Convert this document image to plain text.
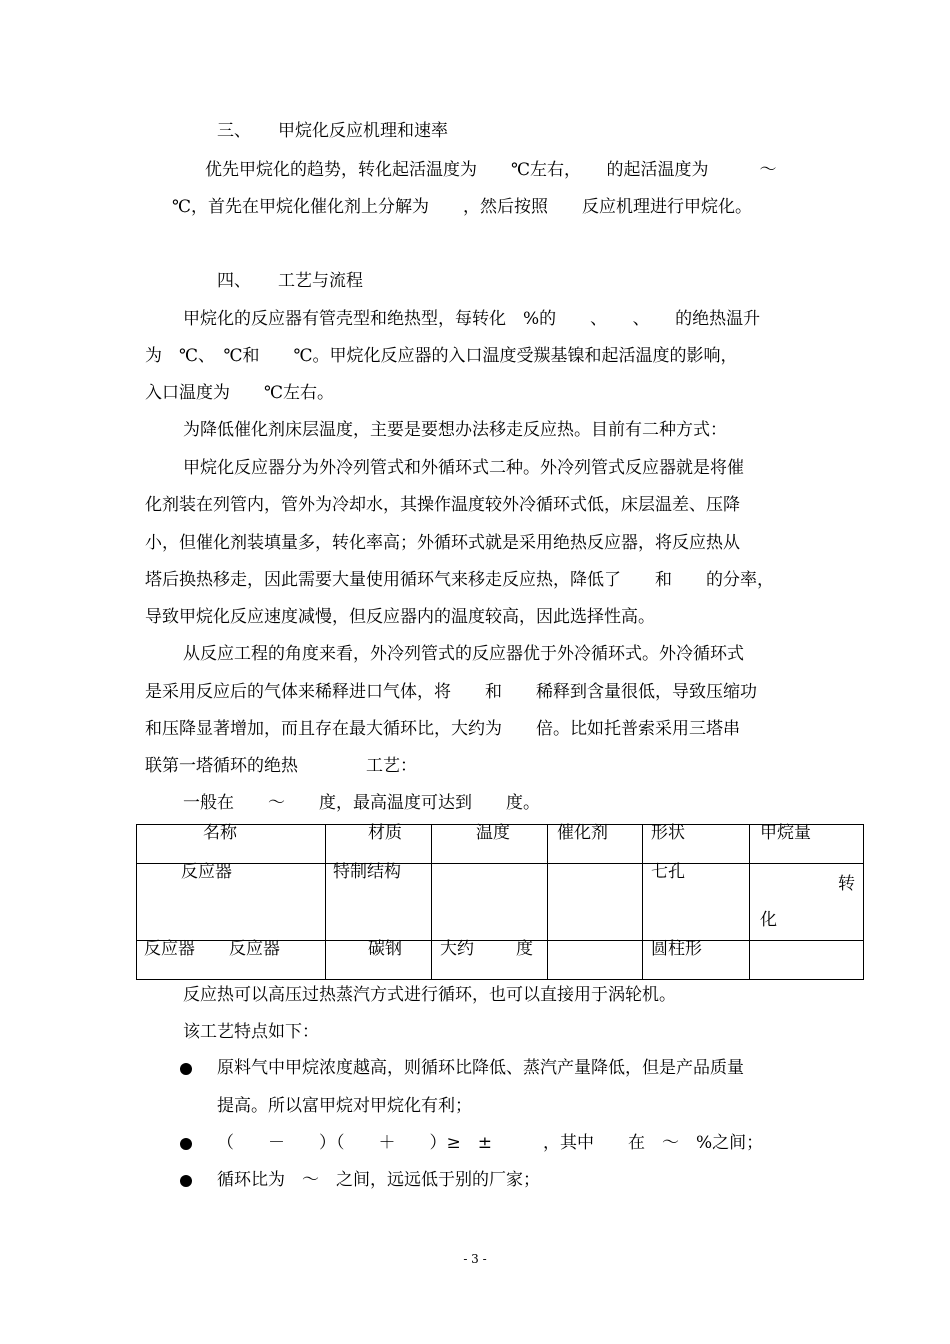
三、 甲烷化反应机理和速率
优先甲烷化的趋势，转化起活温度为　　℃左右，　　的起活温度为　　　～
℃，首先在甲烷化催化剂上分解为　　，然后按照　　反应机理进行甲烷化。
四、 工艺与流程
甲烷化的反应器有管壳型和绝热型，每转化　%的　　、　　、　　的绝热温升
为　℃、　℃和　　℃。甲烷化反应器的入口温度受羰基镍和起活温度的影响，
入口温度为　　℃左右。
为降低催化剂床层温度，主要是要想办法移走反应热。目前有二种方式：
甲烷化反应器分为外冷列管式和外循环式二种。外冷列管式反应器就是将催
化剂装在列管内，管外为冷却水，其操作温度较外冷循环式低，床层温差、压降
小，但催化剂装填量多，转化率高；外循环式就是采用绝热反应器，将反应热从
塔后换热移走，因此需要大量使用循环气来移走反应热，降低了　　和　　的分率，
导致甲烷化反应速度减慢，但反应器内的温度较高，因此选择性高。
从反应工程的角度来看，外冷列管式的反应器优于外冷循环式。外冷循环式
是采用反应后的气体来稀释进口气体，将　　和　　稀释到含量很低，导致压缩功
和压降显著增加，而且存在最大循环比，大约为　　倍。比如托普索采用三塔串
联第一塔循环的绝热　　　　工艺：
一般在　　～　　度，最高温度可达到　　度。
名称	材质	温度	催化剂	形状	甲烷量
反应器	特制结构			七孔	转

化

反应器 反应器	碳钢	大约 度		圆柱形	
反应热可以高压过热蒸汽方式进行循环，也可以直接用于涡轮机。
该工艺特点如下：
原料气中甲烷浓度越高，则循环比降低、蒸汽产量降低，但是产品质量
提高。所以富甲烷对甲烷化有利；
（　　－　　）（　　＋　　）≥　±　　　，其中　　在　～　%之间；
循环比为　～　之间，远远低于别的厂家；
- 3 -
